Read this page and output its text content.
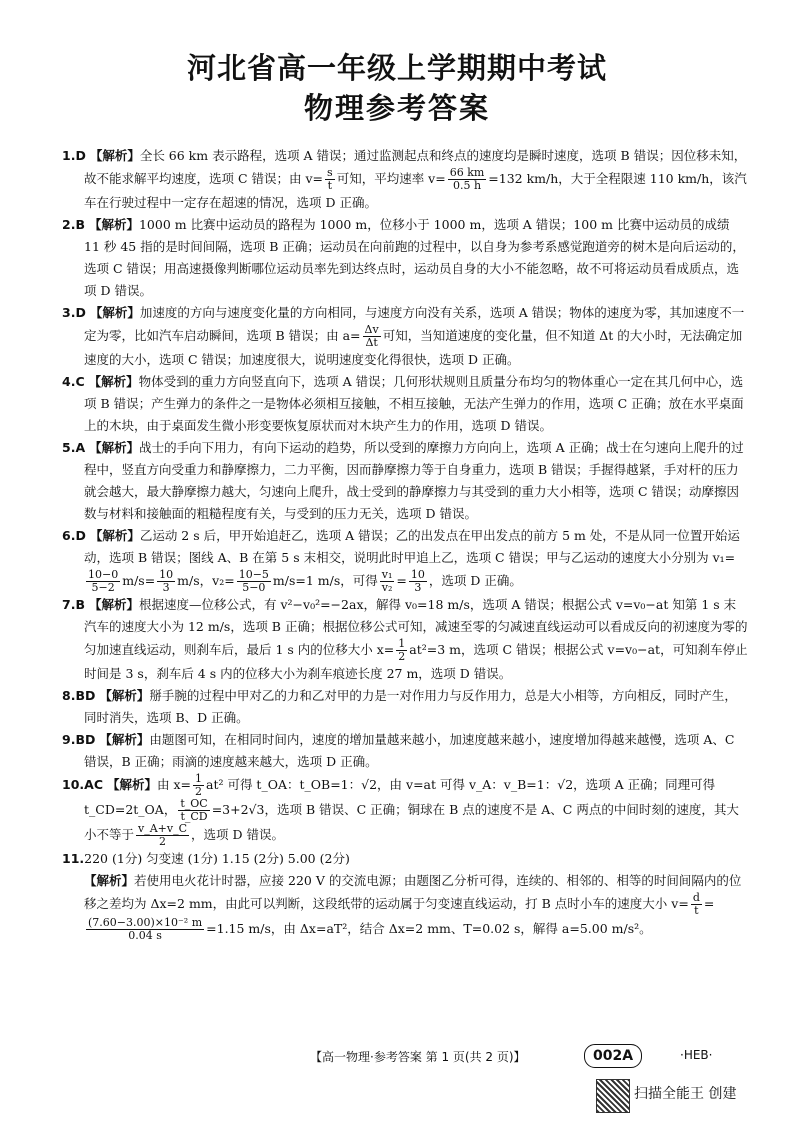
河北省高一年级上学期期中考试
物理参考答案

1.D 【解析】全长 66 km 表示路程，选项 A 错误；通过监测起点和终点的速度均是瞬时速度，选项 B 错误；因位移未知，故不能求解平均速度，选项 C 错误；由 $v= \frac{s}{t}$ 可知，平均速率 $v= \frac{66 km}{0.5 h} =132$ km/h，大于全程限速 110 km/h，该汽车在行驶过程中一定存在超速的情况，选项 D 正确。

2.B 【解析】1000 m 比赛中运动员的路程为 1000 m，位移小于 1000 m，选项 A 错误；100 m 比赛中运动员的成绩 11 秒 45 指的是时间间隔，选项 B 正确；运动员在向前跑的过程中，以自身为参考系感觉跑道旁的树木是向后运动的，选项 C 错误；用高速摄像判断哪位运动员率先到达终点时，运动员自身的大小不能忽略，故不可将运动员看成质点，选项 D 错误。

3.D 【解析】加速度的方向与速度变化量的方向相同，与速度方向没有关系，选项 A 错误；物体的速度为零，其加速度不一定为零，比如汽车启动瞬间，选项 B 错误；由 $a= \frac{\Delta v}{\Delta t}$ 可知，当知道速度的变化量，但不知道 Δt 的大小时，无法确定加速度的大小，选项 C 错误；加速度很大，说明速度变化得很快，选项 D 正确。

4.C 【解析】物体受到的重力方向竖直向下，选项 A 错误；几何形状规则且质量分布均匀的物体重心一定在其几何中心，选项 B 错误；产生弹力的条件之一是物体必须相互接触，不相互接触，无法产生弹力的作用，选项 C 正确；放在水平桌面上的木块，由于桌面发生微小形变要恢复原状而对木块产生力的作用，选项 D 错误。

5.A 【解析】战士的手向下用力，有向下运动的趋势，所以受到的摩擦力方向向上，选项 A 正确；战士在匀速向上爬升的过程中，竖直方向受重力和静摩擦力，二力平衡，因而静摩擦力等于自身重力，选项 B 错误；手握得越紧，手对杆的压力就会越大，最大静摩擦力越大，匀速向上爬升，战士受到的静摩擦力与其受到的重力大小相等，选项 C 错误；动摩擦因数与材料和接触面的粗糙程度有关，与受到的压力无关，选项 D 错误。

6.D 【解析】乙运动 2 s 后，甲开始追赶乙，选项 A 错误；乙的出发点在甲出发点的前方 5 m 处，不是从同一位置开始运动，选项 B 错误；图线 A、B 在第 5 s 末相交，说明此时甲追上乙，选项 C 错误；甲与乙运动的速度大小分别为 v₁=
$\frac{10-0}{5-2} m/s= \frac{10}{3} m/s$，$v_2= \frac{10-5}{5-0} m/s=1$ m/s，可得 $\frac{\text{v₁}}{\text{v₂}} = \frac{10}{3}$ ，选项 D 正确。

7.B 【解析】根据速度—位移公式，有 v²−v₀²=−2ax，解得 v₀=18 m/s，选项 A 错误；根据公式 v=v₀−at 知第 1 s 末汽车的速度大小为 12 m/s，选项 B 正确；根据位移公式可知，减速至零的匀减速直线运动可以看成反向的初速度为零的匀加速直线运动，则刹车后，最后 1 s 内的位移大小 $x= \frac{1}{2} at^2=3$ m，选项 C 错误；根据公式 v=v₀−at，可知刹车停止时间是 3 s，刹车后 4 s 内的位移大小为刹车痕迹长度 27 m，选项 D 错误。

8.BD 【解析】掰手腕的过程中甲对乙的力和乙对甲的力是一对作用力与反作用力，总是大小相等，方向相反，同时产生，同时消失，选项 B、D 正确。

9.BD 【解析】由题图可知，在相同时间内，速度的增加量越来越小，加速度越来越小，速度增加得越来越慢，选项 A、C 错误，B 正确；雨滴的速度越来越大，选项 D 正确。

10.AC 【解析】由 $x= \frac{1}{2} at^2$ 可得 t_OA：t_OB=1：√2，由 v=at 可得 v_A：v_B=1：√2，选项 A 正确；同理可得 t_CD=2t_OA， $\frac{t\_OC}{t\_CD} =3+2√3$，选项 B 错误、C 正确；铜球在 B 点的速度不是 A、C 两点的中间时刻的速度，其大小不等于 $\frac{v\_A+v\_C}{2}$ ，选项 D 错误。

11.220 (1分) 匀变速 (1分) 1.15 (2分) 5.00 (2分)

【解析】若使用电火花计时器，应接 220 V 的交流电源；由题图乙分析可得，连续的、相邻的、相等的时间间隔内的位移之差均为 Δx=2 mm，由此可以判断，这段纸带的运动属于匀变速直线运动，打 B 点时小车的速度大小 $v= \frac{d}{t}$ =
$\frac{\text{(7.60−3.00)×10⁻² m}}{0.04 s} =1.15$ m/s，由 Δx=aT²，结合 Δx=2 mm、T=0.02 s，解得 a=5.00 m/s²。

【高一物理·参考答案 第 1 页(共 2 页)】	002A	·HEB·
扫描全能王 创建
